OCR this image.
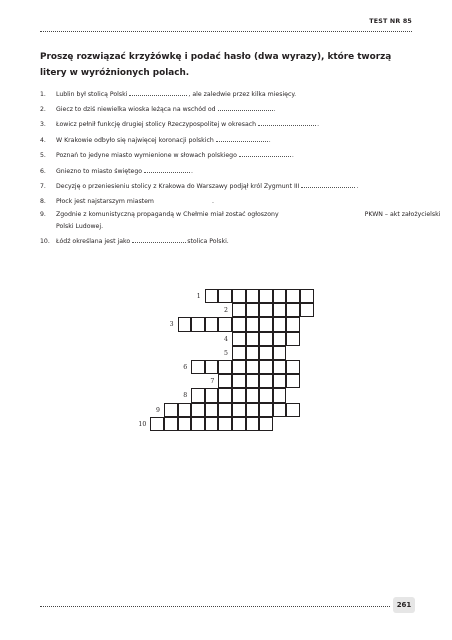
TEST NR 85

Proszę rozwiązać krzyżówkę i podać hasło (dwa wyrazy), które tworzą litery w wyróżnionych polach.

1. Lublin był stolicą Polski	, ale zaledwie przez kilka miesięcy.
2. Giecz to dziś niewielka wioska leżąca na wschód od	.
3. Łowicz pełnił funkcję drugiej stolicy Rzeczypospolitej w okresach	.
4. W Krakowie odbyło się najwięcej koronacji polskich	.
5. Poznań to jedyne miasto wymienione w słowach polskiego	.
6. Gniezno to miasto świętego	.
7. Decyzję o przeniesieniu stolicy z Krakowa do Warszawy podjął król Zygmunt III	.
8. Płock jest najstarszym miastem	.
9. Zgodnie z komunistyczną propagandą w Chełmie miał zostać ogłoszony	PKWN – akt założycielski Polski Ludowej.
10. Łódź określana jest jako	stolica Polski.
1
2
3
4
5
6
7
8
9
10
261
